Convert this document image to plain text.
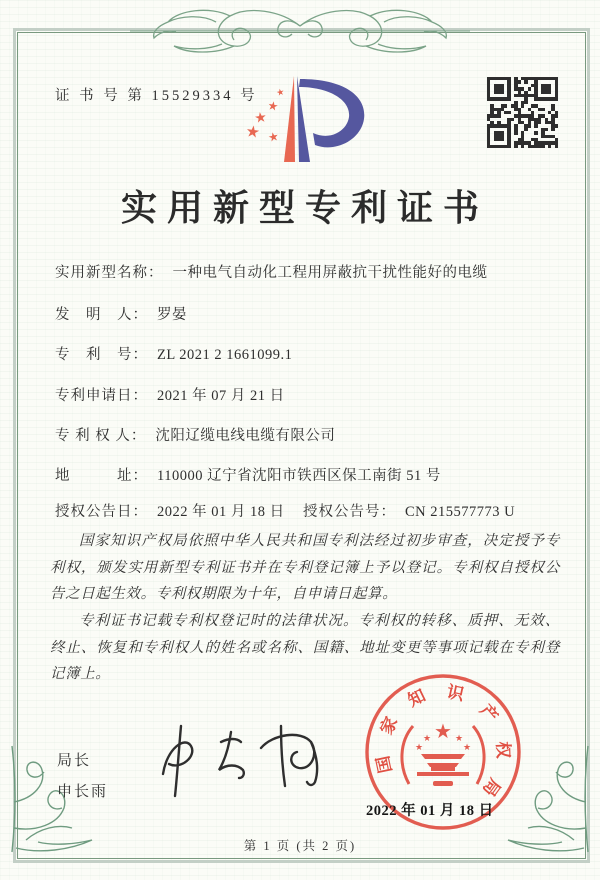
证 书 号 第 15529334 号 ★
★
★
★ ★
实用新型专利证书
实用新型名称： 一种电气自动化工程用屏蔽抗干扰性能好的电缆
发　明　人： 罗晏
专　利　号： ZL 2021 2 1661099.1
专利申请日： 2021 年 07 月 21 日
专 利 权 人： 沈阳辽缆电线电缆有限公司
地　　　址： 110000 辽宁省沈阳市铁西区保工南街 51 号
授权公告日： 2022 年 01 月 18 日 授权公告号： CN 215577773 U

国家知识产权局依照中华人民共和国专利法经过初步审查，决定授予专利权，颁发实用新型专利证书并在专利登记簿上予以登记。专利权自授权公告之日起生效。专利权期限为十年，自申请日起算。

专利证书记载专利权登记时的法律状况。专利权的转移、质押、无效、终止、恢复和专利权人的姓名或名称、国籍、地址变更等事项记载在专利登记簿上。

局长
申长雨
国
家
知 识
产
权
局
★
★	★
★	★
2022 年 01 月 18 日
第 1 页 (共 2 页)
